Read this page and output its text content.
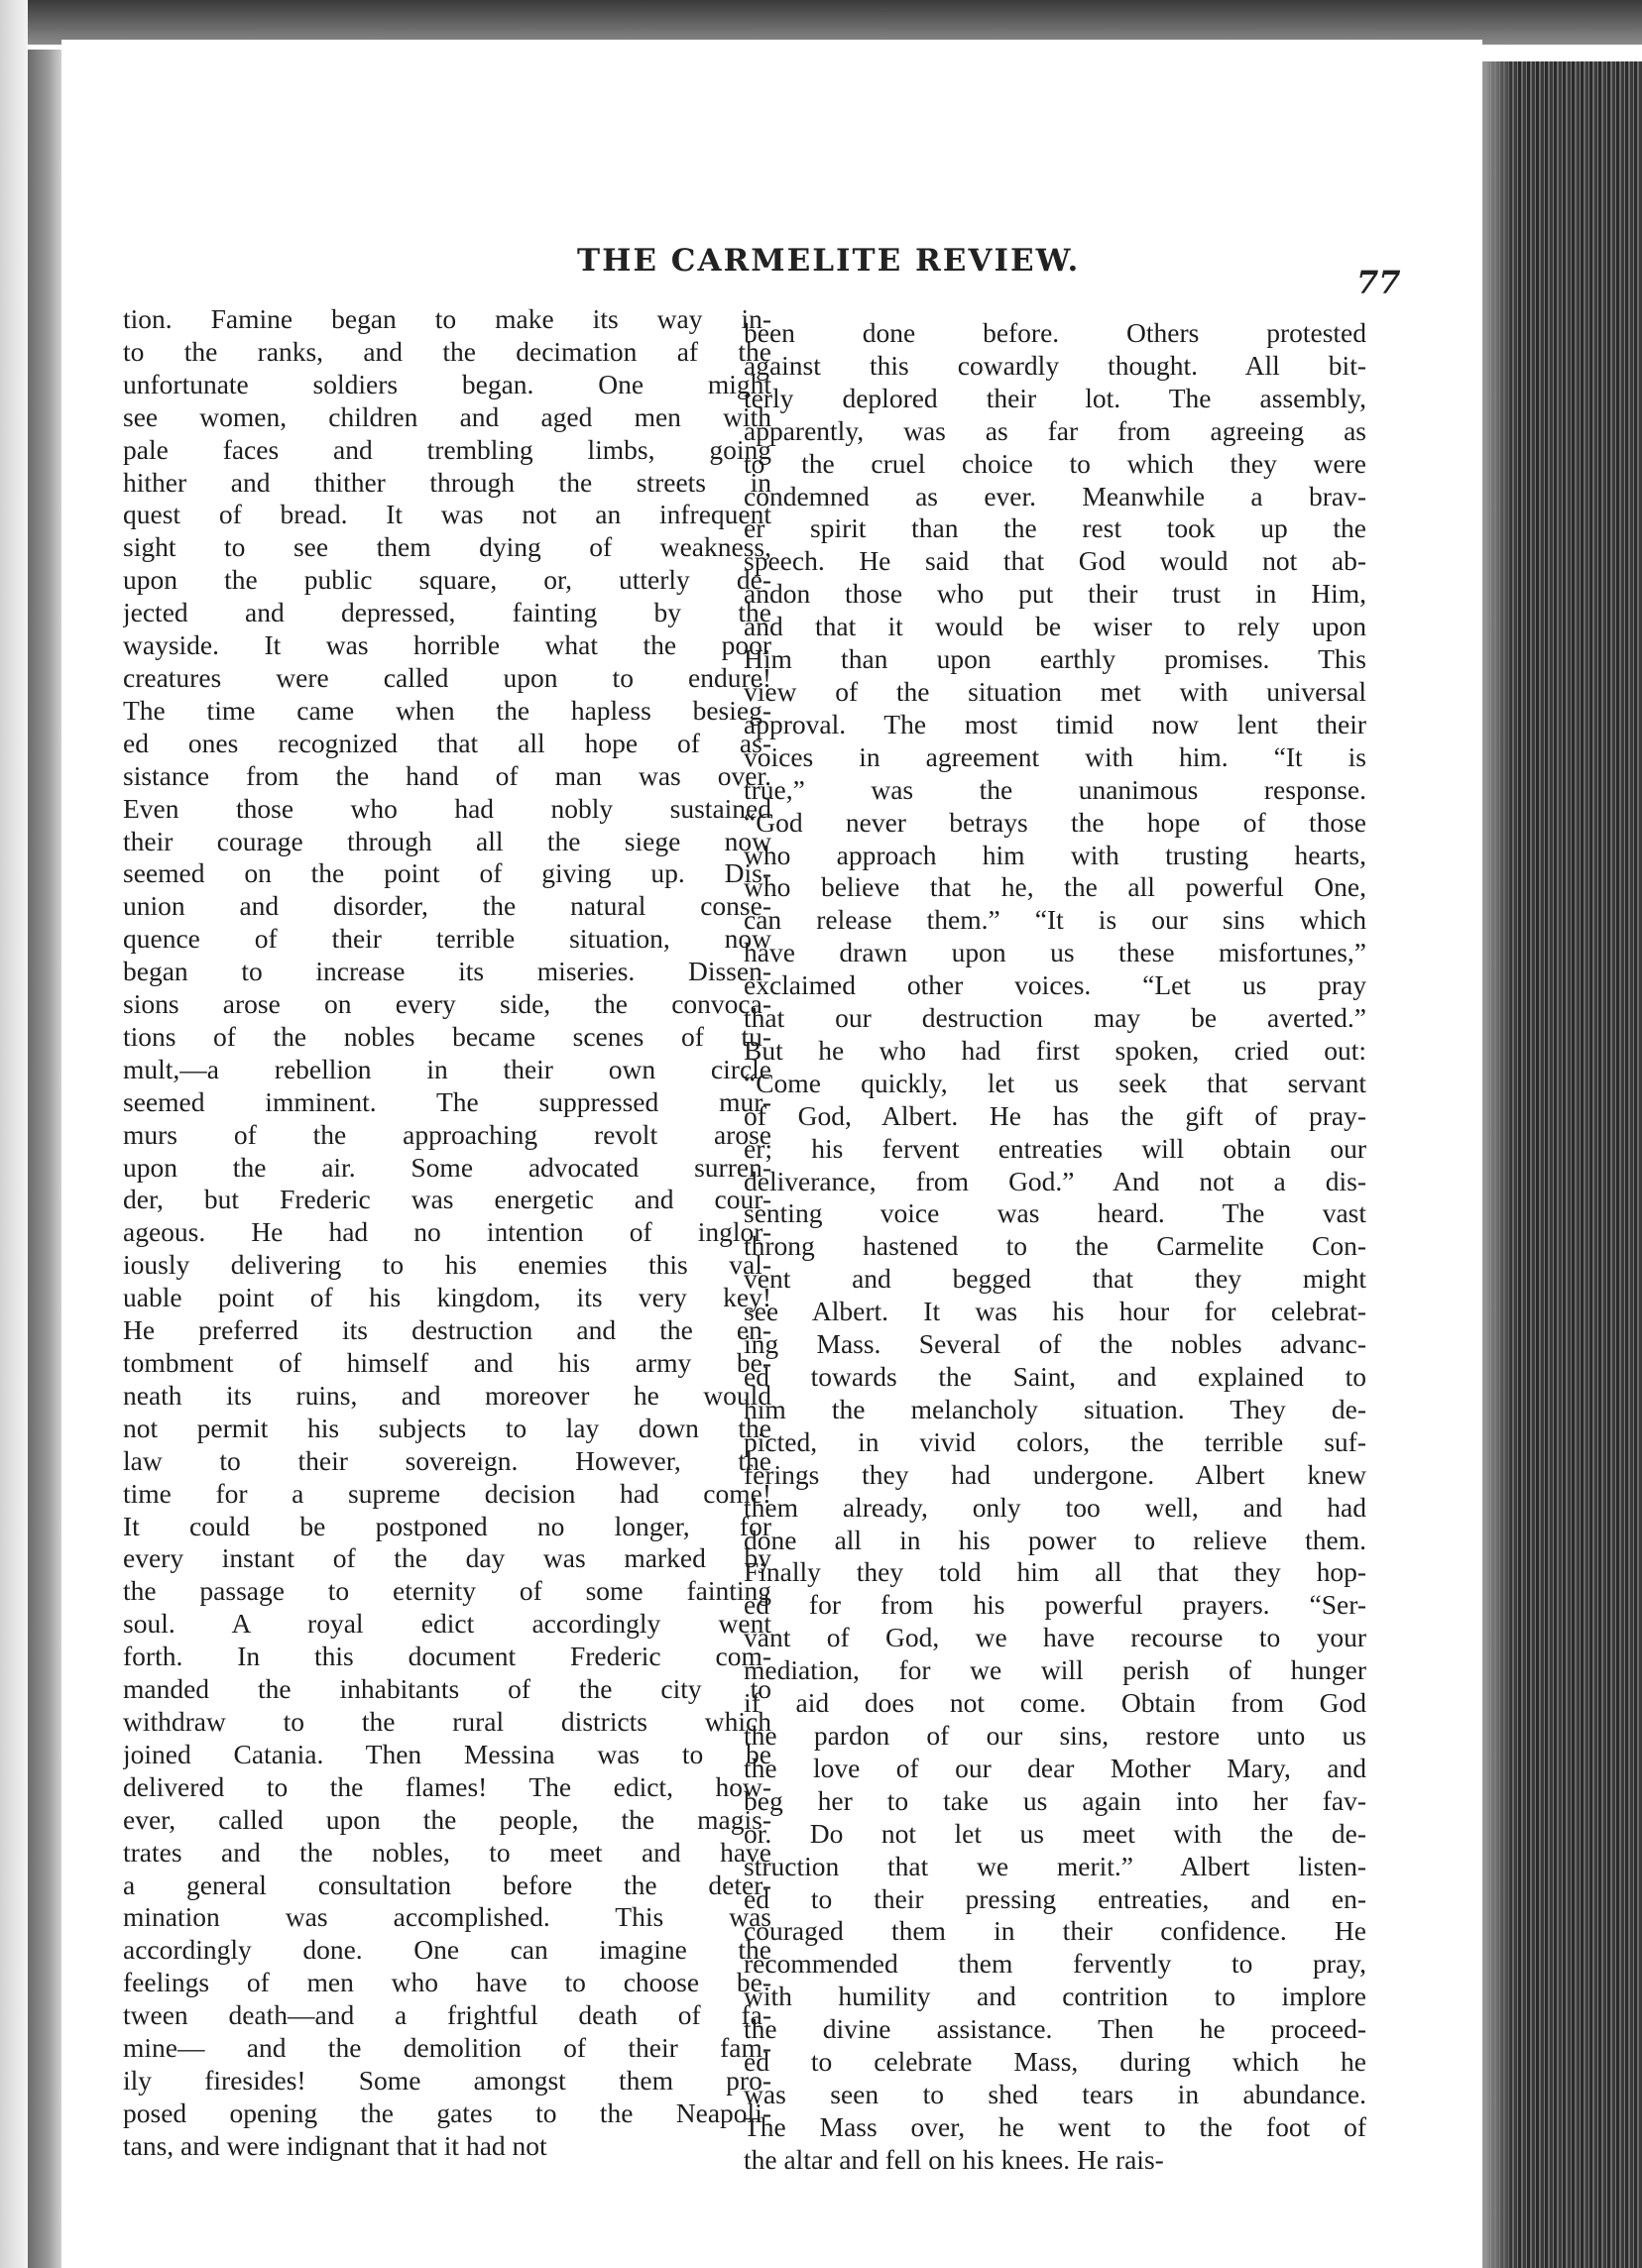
THE CARMELITE REVIEW.
77
tion. Famine began to make its way in-
to the ranks, and the decimation af the
unfortunate soldiers began. One might
see women, children and aged men with
pale faces and trembling limbs, going
hither and thither through the streets in
quest of bread. It was not an infrequent
sight to see them dying of weakness,
upon the public square, or, utterly de-
jected and depressed, fainting by the
wayside. It was horrible what the poor
creatures were called upon to endure!
The time came when the hapless besieg-
ed ones recognized that all hope of as-
sistance from the hand of man was over.
Even those who had nobly sustained
their courage through all the siege now
seemed on the point of giving up. Dis-
union and disorder, the natural conse-
quence of their terrible situation, now
began to increase its miseries. Dissen-
sions arose on every side, the convoca-
tions of the nobles became scenes of tu-
mult,—a rebellion in their own circle
seemed imminent. The suppressed mur-
murs of the approaching revolt arose
upon the air. Some advocated surren-
der, but Frederic was energetic and cour-
ageous. He had no intention of inglor-
iously delivering to his enemies this val-
uable point of his kingdom, its very key!
He preferred its destruction and the en-
tombment of himself and his army be-
neath its ruins, and moreover he would
not permit his subjects to lay down the
law to their sovereign. However, the
time for a supreme decision had come!
It could be postponed no longer, for
every instant of the day was marked by
the passage to eternity of some fainting
soul. A royal edict accordingly went
forth. In this document Frederic com-
manded the inhabitants of the city to
withdraw to the rural districts which
joined Catania. Then Messina was to be
delivered to the flames! The edict, how-
ever, called upon the people, the magis-
trates and the nobles, to meet and have
a general consultation before the deter-
mination was accomplished. This was
accordingly done. One can imagine the
feelings of men who have to choose be-
tween death—and a frightful death of fa-
mine— and the demolition of their fam-
ily firesides! Some amongst them pro-
posed opening the gates to the Neapoli-
tans, and were indignant that it had not
been done before. Others protested
against this cowardly thought. All bit-
terly deplored their lot. The assembly,
apparently, was as far from agreeing as
to the cruel choice to which they were
condemned as ever. Meanwhile a brav-
er spirit than the rest took up the
speech. He said that God would not ab-
andon those who put their trust in Him,
and that it would be wiser to rely upon
Him than upon earthly promises. This
view of the situation met with universal
approval. The most timid now lent their
voices in agreement with him. “It is
true,” was the unanimous response.
“God never betrays the hope of those
who approach him with trusting hearts,
who believe that he, the all powerful One,
can release them.” “It is our sins which
have drawn upon us these misfortunes,”
exclaimed other voices. “Let us pray
that our destruction may be averted.”
But he who had first spoken, cried out:
“Come quickly, let us seek that servant
of God, Albert. He has the gift of pray-
er; his fervent entreaties will obtain our
deliverance, from God.” And not a dis-
senting voice was heard. The vast
throng hastened to the Carmelite Con-
vent and begged that they might
see Albert. It was his hour for celebrat-
ing Mass. Several of the nobles advanc-
ed towards the Saint, and explained to
him the melancholy situation. They de-
picted, in vivid colors, the terrible suf-
ferings they had undergone. Albert knew
them already, only too well, and had
done all in his power to relieve them.
Finally they told him all that they hop-
ed for from his powerful prayers. “Ser-
vant of God, we have recourse to your
mediation, for we will perish of hunger
if aid does not come. Obtain from God
the pardon of our sins, restore unto us
the love of our dear Mother Mary, and
beg her to take us again into her fav-
or. Do not let us meet with the de-
struction that we merit.” Albert listen-
ed to their pressing entreaties, and en-
couraged them in their confidence. He
recommended them fervently to pray,
with humility and contrition to implore
the divine assistance. Then he proceed-
ed to celebrate Mass, during which he
was seen to shed tears in abundance.
The Mass over, he went to the foot of
the altar and fell on his knees. He rais-
